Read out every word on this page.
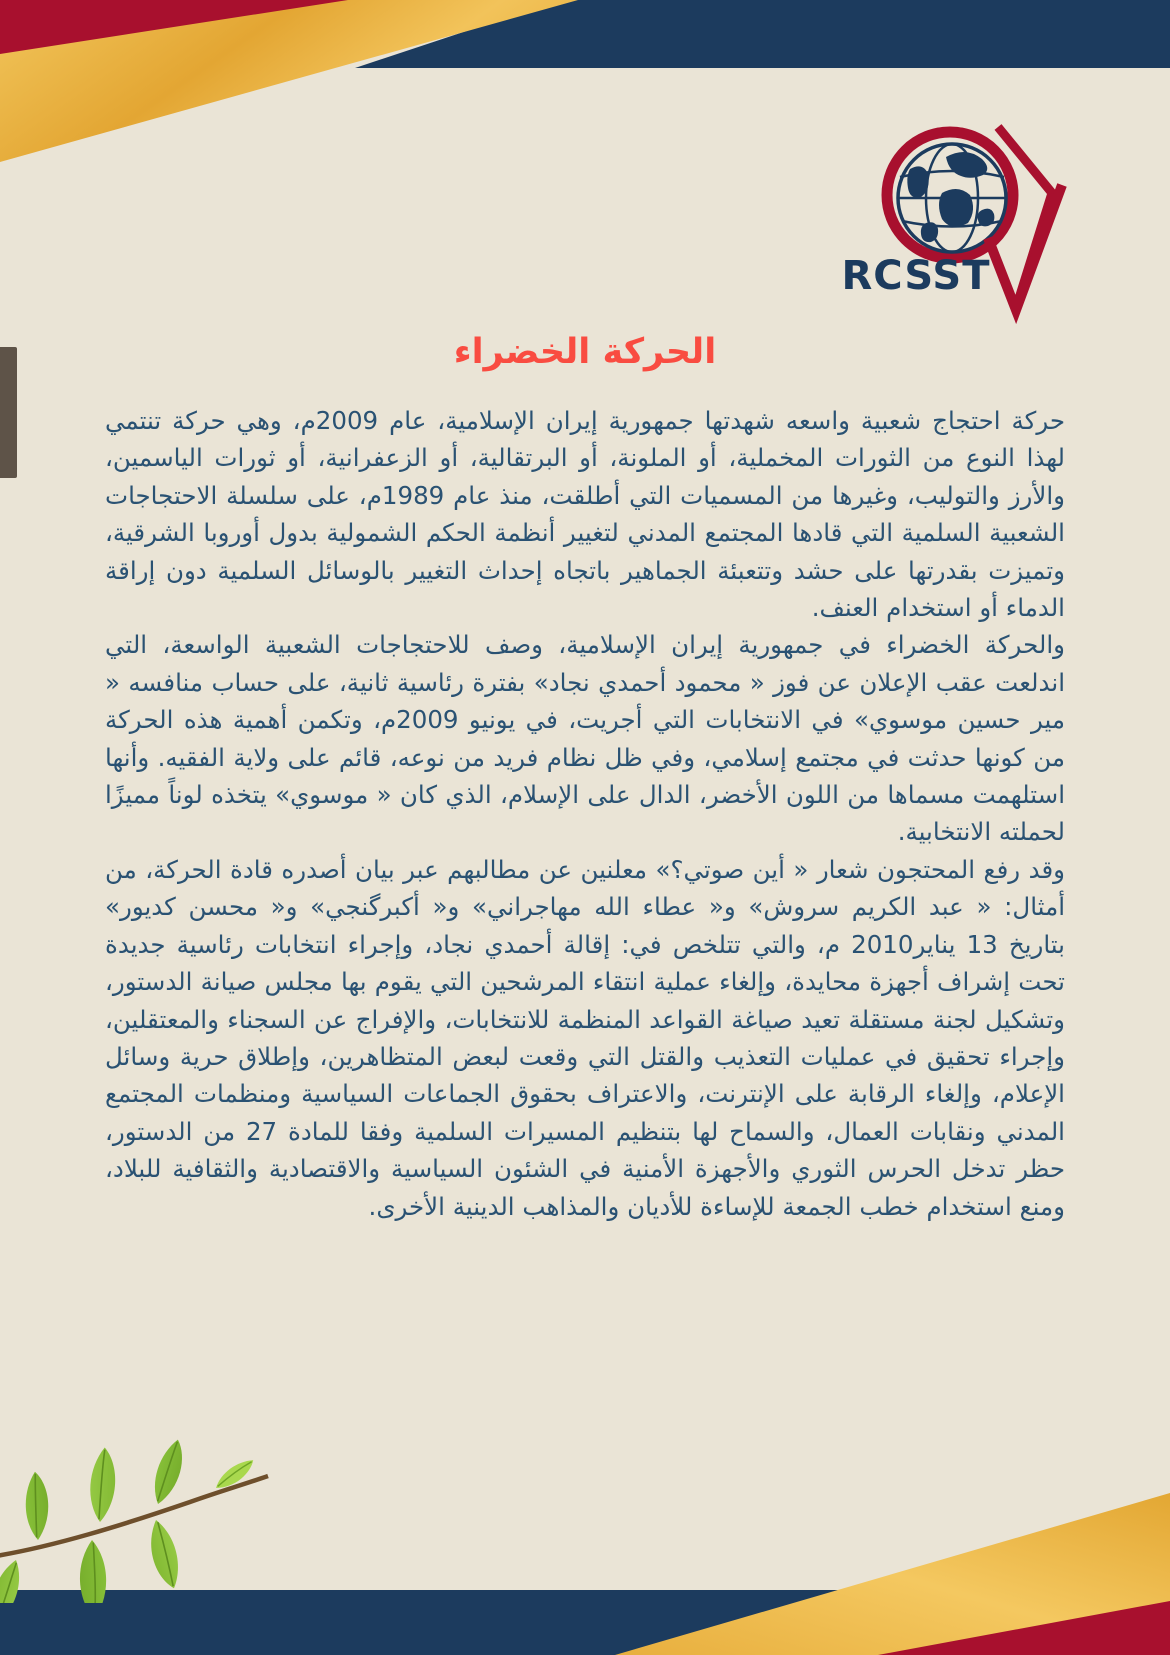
RCSST
الحركة الخضراء

حركة احتجاج شعبية واسعه شهدتها جمهورية إيران الإسلامية، عام 2009م، وهي حركة تنتمي لهذا النوع من الثورات المخملية، أو الملونة، أو البرتقالية، أو الزعفرانية، أو ثورات الياسمين، والأرز والتوليب، وغيرها من المسميات التي أطلقت، منذ عام 1989م، على سلسلة الاحتجاجات الشعبية السلمية التي قادها المجتمع المدني لتغيير أنظمة الحكم الشمولية بدول أوروبا الشرقية، وتميزت بقدرتها على حشد وتتعبئة الجماهير باتجاه إحداث التغيير بالوسائل السلمية دون إراقة الدماء أو استخدام العنف.

والحركة الخضراء في جمهورية إيران الإسلامية، وصف للاحتجاجات الشعبية الواسعة، التي اندلعت عقب الإعلان عن فوز « محمود أحمدي نجاد» بفترة رئاسية ثانية، على حساب منافسه « مير حسين موسوي» في الانتخابات التي أجريت، في يونيو 2009م، وتكمن أهمية هذه الحركة من كونها حدثت في مجتمع إسلامي، وفي ظل نظام فريد من نوعه، قائم على ولاية الفقيه. وأنها استلهمت مسماها من اللون الأخضر، الدال على الإسلام، الذي كان « موسوي» يتخذه لوناً مميزًا لحملته الانتخابية.

وقد رفع المحتجون شعار « أين صوتي؟» معلنين عن مطالبهم عبر بيان أصدره قادة الحركة، من أمثال: « عبد الكريم سروش» و« عطاء الله مهاجراني» و« أكبرگنجي» و« محسن كديور» بتاريخ 13 يناير2010 م، والتي تتلخص في: إقالة أحمدي نجاد، وإجراء انتخابات رئاسية جديدة تحت إشراف أجهزة محايدة، وإلغاء عملية انتقاء المرشحين التي يقوم بها مجلس صيانة الدستور، وتشكيل لجنة مستقلة تعيد صياغة القواعد المنظمة للانتخابات، والإفراج عن السجناء والمعتقلين، وإجراء تحقيق في عمليات التعذيب والقتل التي وقعت لبعض المتظاهرين، وإطلاق حرية وسائل الإعلام، وإلغاء الرقابة على الإنترنت، والاعتراف بحقوق الجماعات السياسية ومنظمات المجتمع المدني ونقابات العمال، والسماح لها بتنظيم المسيرات السلمية وفقا للمادة 27 من الدستور، حظر تدخل الحرس الثوري والأجهزة الأمنية في الشئون السياسية والاقتصادية والثقافية للبلاد، ومنع استخدام خطب الجمعة للإساءة للأديان والمذاهب الدينية الأخرى.
